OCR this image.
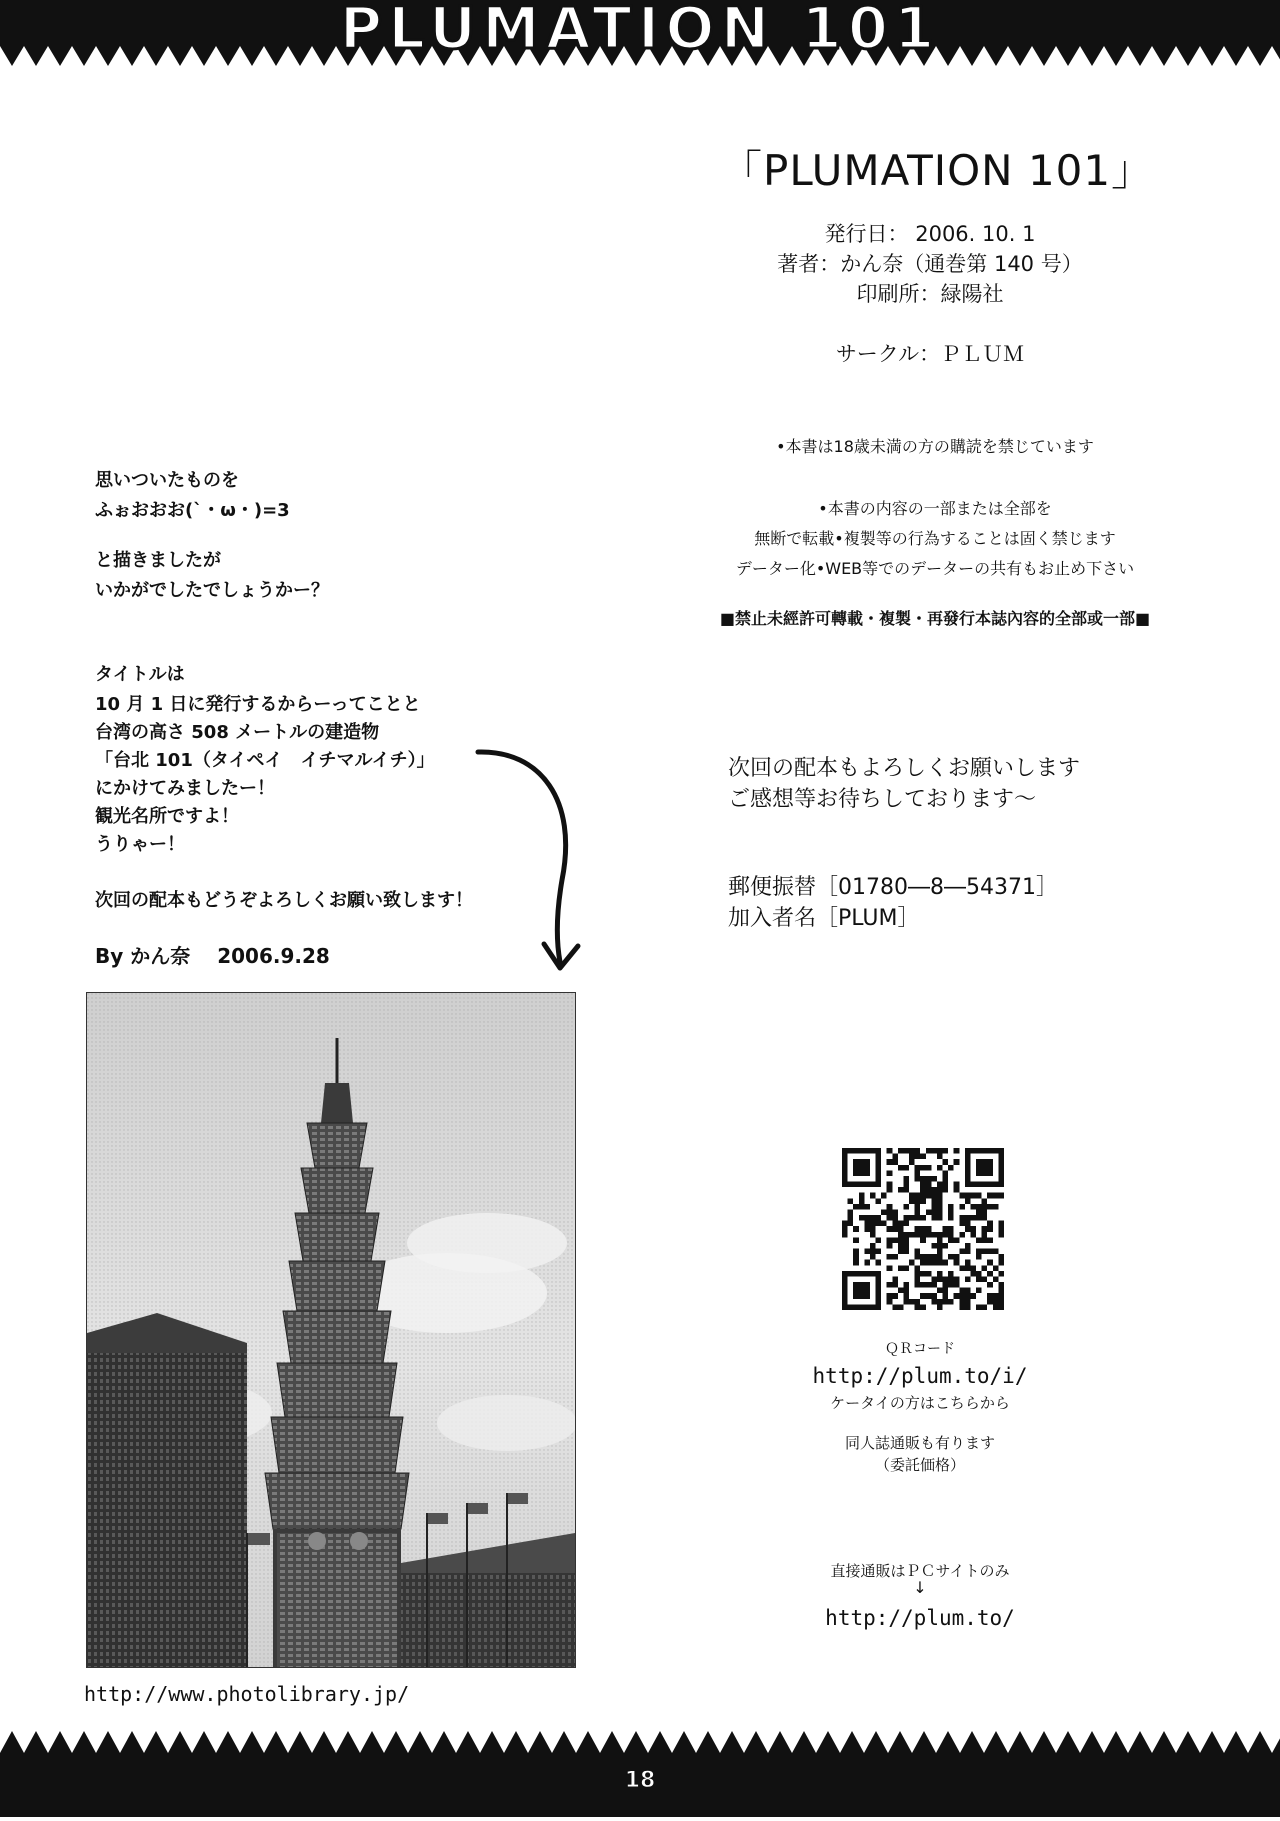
PLUMATION 101
「PLUMATION 101」
発行日： 2006. 10. 1
著者：かん奈（通巻第 140 号）
印刷所：緑陽社
サークル：ＰＬＵＭ
•本書は18歳未満の方の購読を禁じています
•本書の内容の一部または全部を
無断で転載•複製等の行為することは固く禁じます
データー化•WEB等でのデーターの共有もお止め下さい
■禁止未經許可轉載・複製・再發行本誌內容的全部或一部■
次回の配本もよろしくお願いします
ご感想等お待ちしております～
郵便振替［01780―8―54371］
加入者名［PLUM］
思いついたものを
ふぉおおお(`・ω・)=3
と描きましたが
いかがでしたでしょうかー？
タイトルは
10 月 1 日に発行するからーってことと
台湾の高さ 508 メートルの建造物
「台北 101（タイペイ　イチマルイチ）」
にかけてみましたー！
観光名所ですよ！
うりゃー！
次回の配本もどうぞよろしくお願い致します！
By かん奈　 2006.9.28
http://www.photolibrary.jp/
ＱＲコード
http://plum.to/i/
ケータイの方はこちらから
同人誌通販も有ります
（委託価格）
直接通販はＰＣサイトのみ
↓
http://plum.to/
18
